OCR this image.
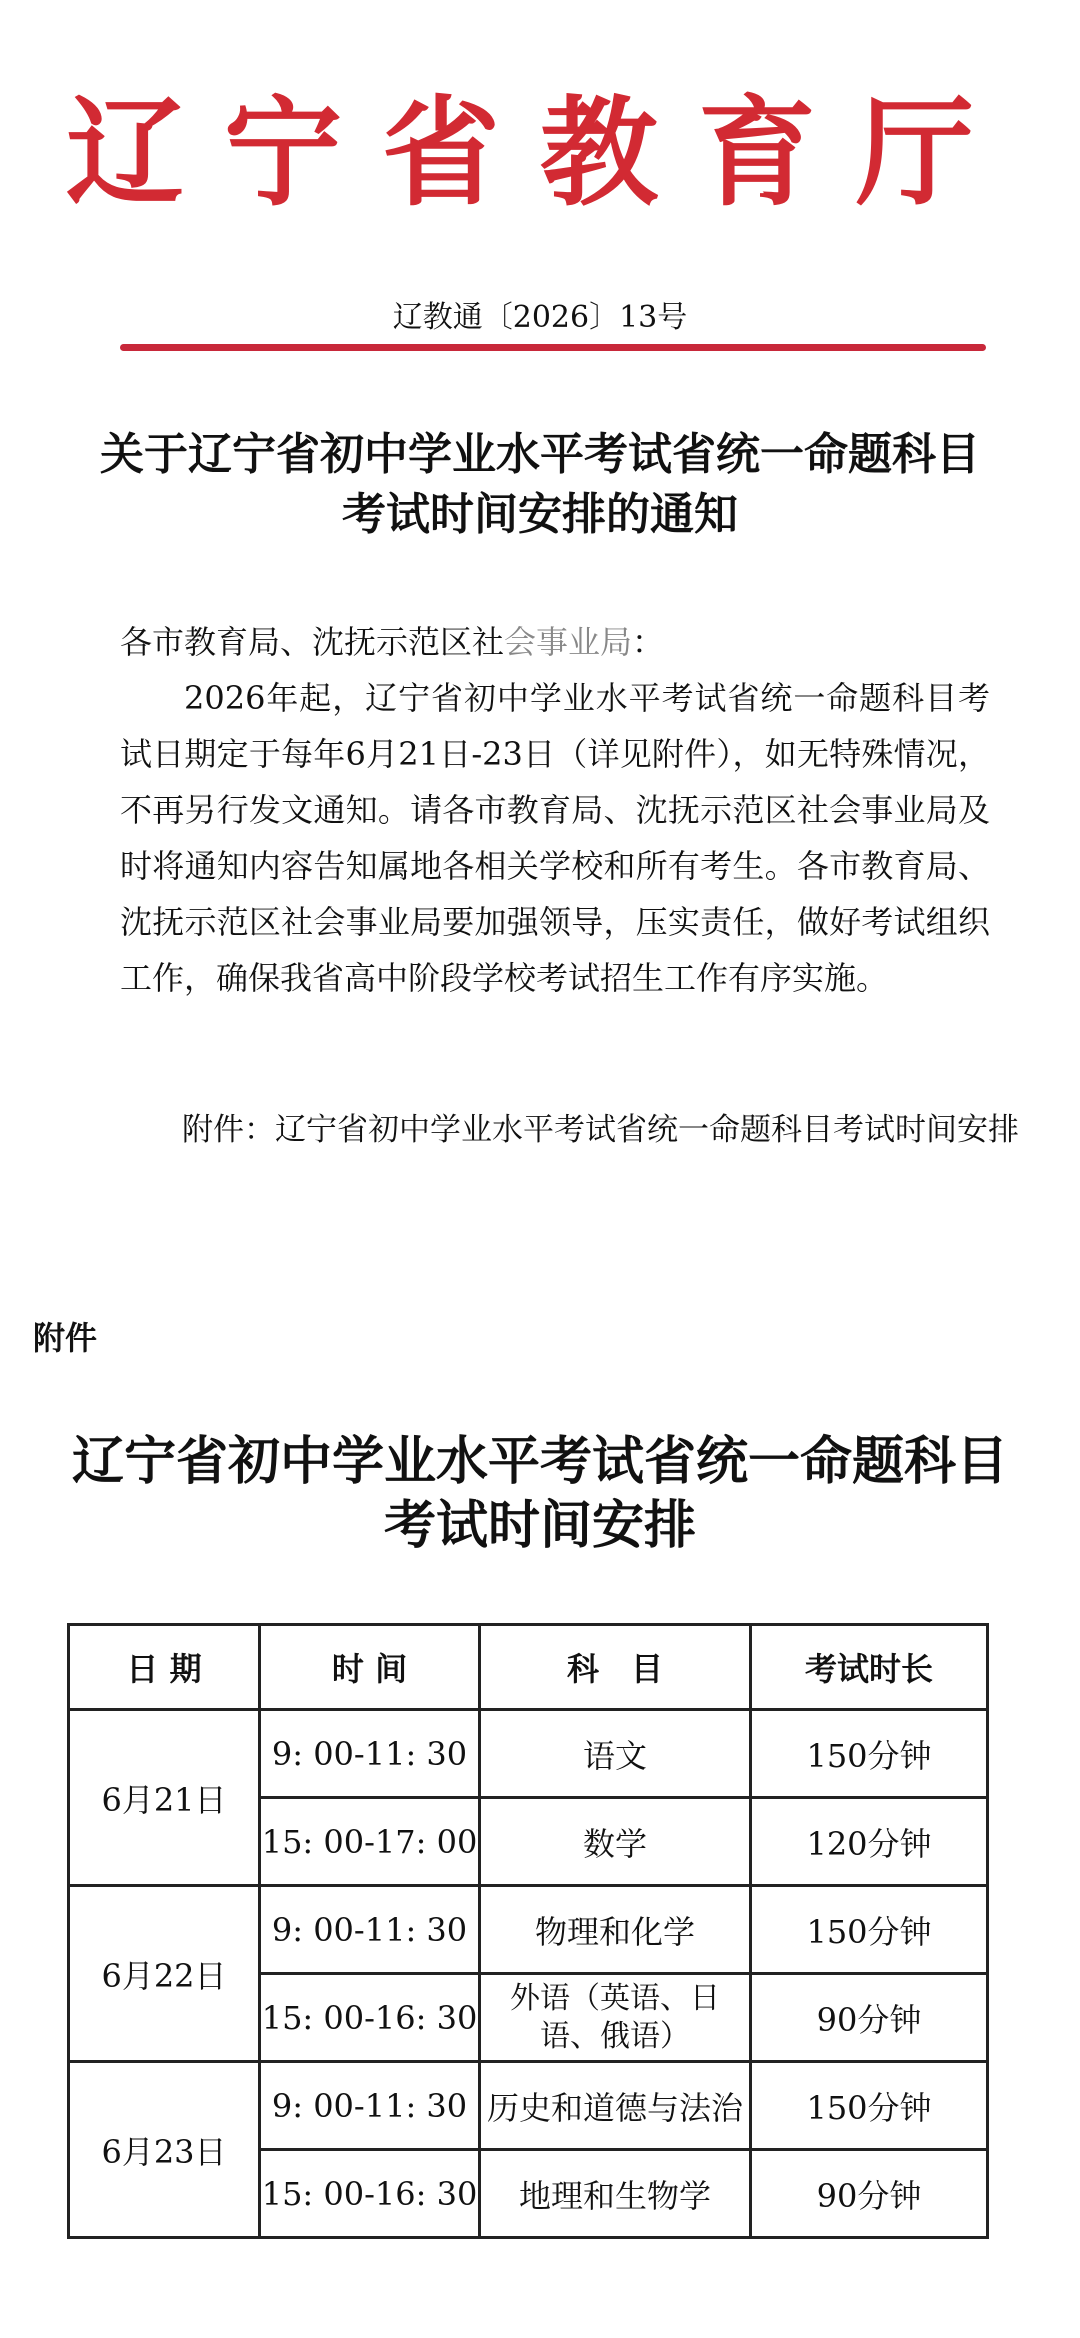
辽宁省教育厅
辽教通〔2026〕13号
关于辽宁省初中学业水平考试省统一命题科目
考试时间安排的通知

各市教育局、沈抚示范区社会事业局：

2026年起，辽宁省初中学业水平考试省统一命题科目考试日期定于每年6月21日-23日（详见附件），如无特殊情况，不再另行发文通知。请各市教育局、沈抚示范区社会事业局及时将通知内容告知属地各相关学校和所有考生。各市教育局、沈抚示范区社会事业局要加强领导，压实责任，做好考试组织工作，确保我省高中阶段学校考试招生工作有序实施。

附件：辽宁省初中学业水平考试省统一命题科目考试时间安排
附件
辽宁省初中学业水平考试省统一命题科目
考试时间安排
日 期	时 间	科　目	考试时长
6月21日	9: 00-11: 30	语文	150分钟
	15: 00-17: 00	数学	120分钟
6月22日	9: 00-11: 30	物理和化学	150分钟
	15: 00-16: 30	外语（英语、日语、俄语）	90分钟
6月23日	9: 00-11: 30	历史和道德与法治	150分钟
	15: 00-16: 30	地理和生物学	90分钟
